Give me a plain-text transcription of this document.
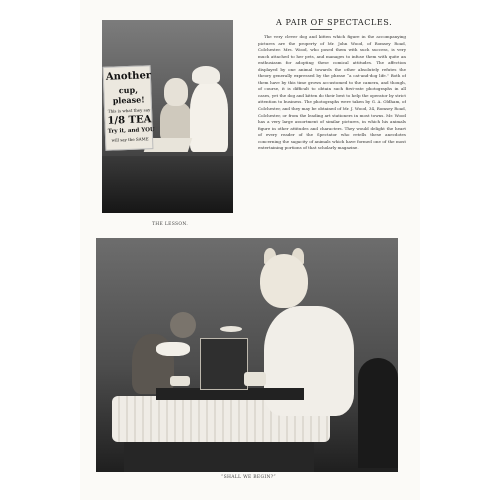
Another
cup,
please!
This is what they say
1/8 TEA
Try it, and YOU
will say the SAME
THE LESSON.
A PAIR OF SPECTACLES.

The very clever dog and kitten which figure in the accompanying pictures are the property of Mr. John Wood, of Romsey Road, Colchester. Mrs. Wood, who posed them with such success, is very much attached to her pets, and manages to infuse them with quite an enthusiasm for adopting these comical attitudes. The affection displayed by one animal towards the other absolutely refutes the theory generally expressed by the phrase “a cat-and-dog life.” Both of them have by this time grown accustomed to the camera, and though, of course, it is difficult to obtain such first-rate photographs in all cases, yet the dog and kitten do their best to help the operator by strict attention to business. The photographs were taken by G. A. Oldham, of Colchester, and they may be obtained of Mr. J. Wood, 34, Romsey Road, Colchester, or from the leading art stationers in most towns. Mr. Wood has a very large assortment of similar pictures, in which his animals figure in other attitudes and characters. They would delight the heart of every reader of the Spectator who retells these anecdotes concerning the sagacity of animals which have formed one of the most entertaining portions of that scholarly magazine.

“SHALL WE BEGIN?”
